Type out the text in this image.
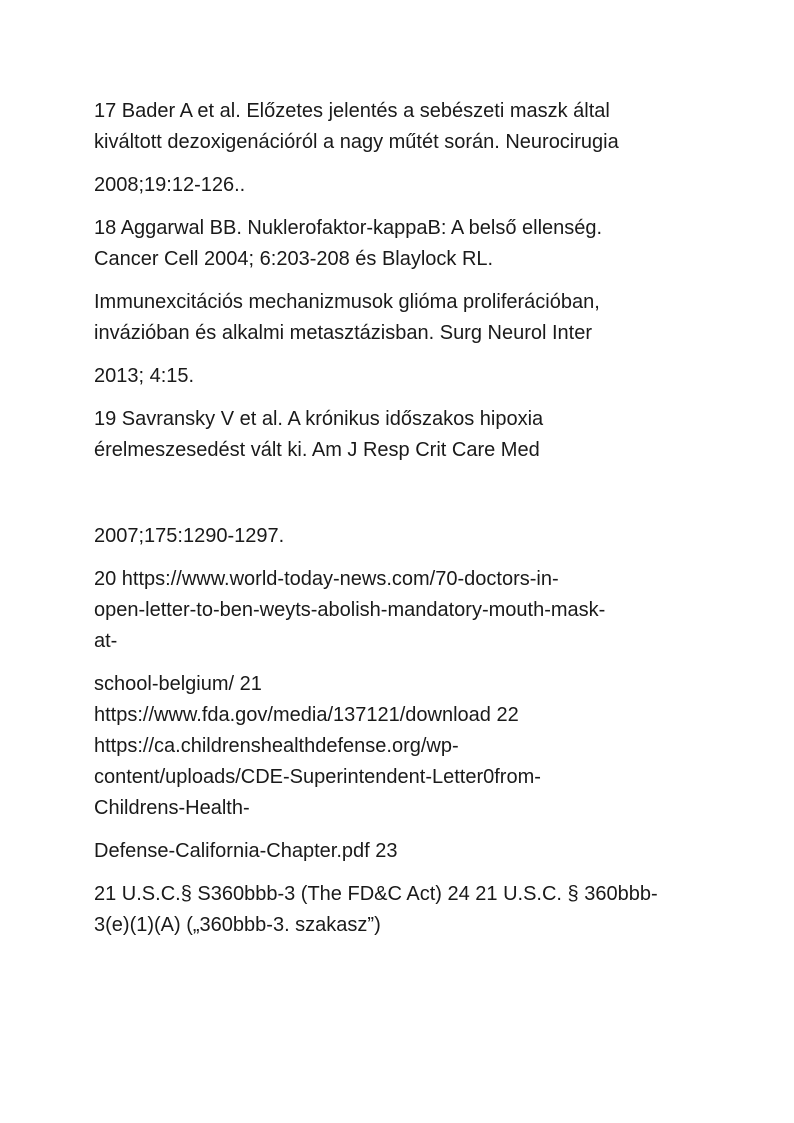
17 Bader A et al. Előzetes jelentés a sebészeti maszk által
kiváltott dezoxigenációról a nagy műtét során. Neurocirugia

2008;19:12-126..

18 Aggarwal BB. Nuklerofaktor-kappaB: A belső ellenség.
Cancer Cell 2004; 6:203-208 és Blaylock RL.

Immunexcitációs mechanizmusok glióma proliferációban,
invázióban és alkalmi metasztázisban. Surg Neurol Inter

2013; 4:15.

19 Savransky V et al. A krónikus időszakos hipoxia
érelmeszesedést vált ki. Am J Resp Crit Care Med

2007;175:1290-1297.

20 https://www.world-today-news.com/70-doctors-in-
open-letter-to-ben-weyts-abolish-mandatory-mouth-mask-
at-

school-belgium/ 21
https://www.fda.gov/media/137121/download 22
https://ca.childrenshealthdefense.org/wp-
content/uploads/CDE-Superintendent-Letter0from-
Childrens-Health-

Defense-California-Chapter.pdf 23

21 U.S.C.§ S360bbb-3 (The FD&C Act) 24 21 U.S.C. § 360bbb-
3(e)(1)(A) („360bbb-3. szakasz”)
